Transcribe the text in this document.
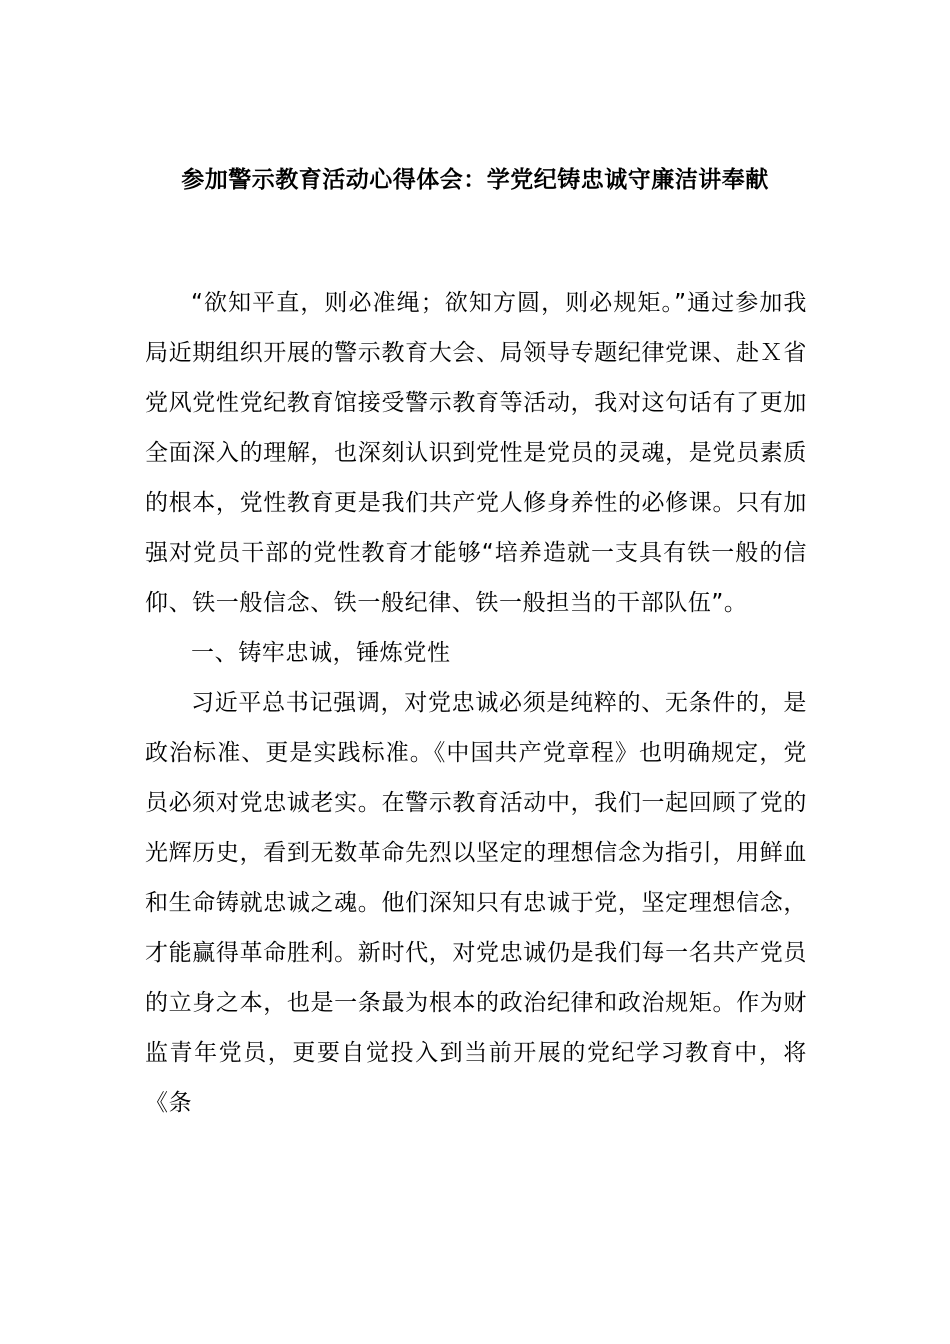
参加警示教育活动心得体会：学党纪铸忠诚守廉洁讲奉献

“欲知平直，则必准绳；欲知方圆，则必规矩。”通过参加我局近期组织开展的警示教育大会、局领导专题纪律党课、赴Ｘ省党风党性党纪教育馆接受警示教育等活动，我对这句话有了更加全面深入的理解，也深刻认识到党性是党员的灵魂，是党员素质的根本，党性教育更是我们共产党人修身养性的必修课。只有加强对党员干部的党性教育才能够“培养造就一支具有铁一般的信仰、铁一般信念、铁一般纪律、铁一般担当的干部队伍”。

一、铸牢忠诚，锤炼党性

习近平总书记强调，对党忠诚必须是纯粹的、无条件的，是政治标准、更是实践标准。《中国共产党章程》也明确规定，党员必须对党忠诚老实。在警示教育活动中，我们一起回顾了党的光辉历史，看到无数革命先烈以坚定的理想信念为指引，用鲜血和生命铸就忠诚之魂。他们深知只有忠诚于党，坚定理想信念，才能赢得革命胜利。新时代，对党忠诚仍是我们每一名共产党员的立身之本，也是一条最为根本的政治纪律和政治规矩。作为财监青年党员，更要自觉投入到当前开展的党纪学习教育中，将《条
